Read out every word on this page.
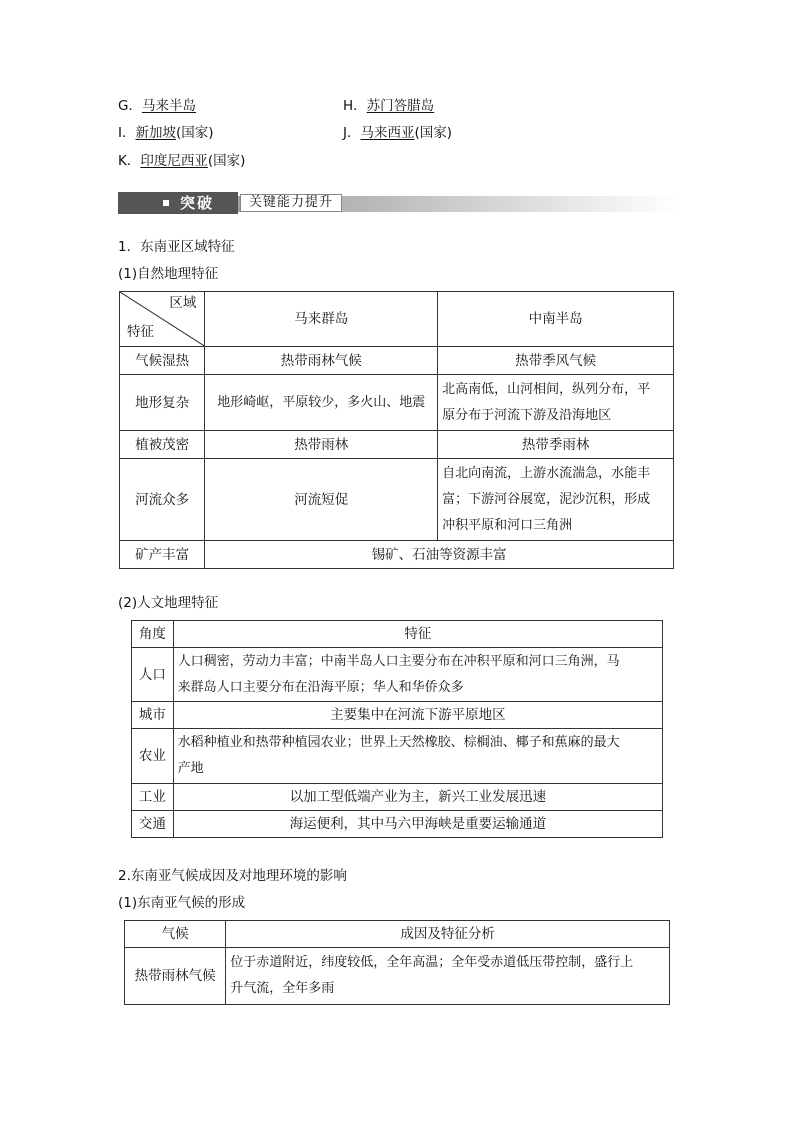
G．马来半岛	H．苏门答腊岛
I．新加坡(国家)	J．马来西亚(国家)
K．印度尼西亚(国家)
突破	关键能力提升
1．东南亚区域特征
(1)自然地理特征
区域
特征	马来群岛	中南半岛
气候湿热	热带雨林气候	热带季风气候
地形复杂	地形崎岖，平原较少，多火山、地震	北高南低，山河相间，纵列分布，平
原分布于河流下游及沿海地区

植被茂密	热带雨林	热带季雨林
河流众多	河流短促	自北向南流，上游水流湍急，水能丰
富；下游河谷展宽，泥沙沉积，形成
冲积平原和河口三角洲

矿产丰富	锡矿、石油等资源丰富	
(2)人文地理特征
角度	特征
人口	人口稠密，劳动力丰富；中南半岛人口主要分布在冲积平原和河口三角洲，马
来群岛人口主要分布在沿海平原；华人和华侨众多

城市	主要集中在河流下游平原地区
农业	水稻种植业和热带种植园农业；世界上天然橡胶、棕榈油、椰子和蕉麻的最大
产地

工业	以加工型低端产业为主，新兴工业发展迅速
交通	海运便利，其中马六甲海峡是重要运输通道
2.东南亚气候成因及对地理环境的影响
(1)东南亚气候的形成
气候	成因及特征分析
热带雨林气候	位于赤道附近，纬度较低，全年高温；全年受赤道低压带控制，盛行上
升气流，全年多雨
